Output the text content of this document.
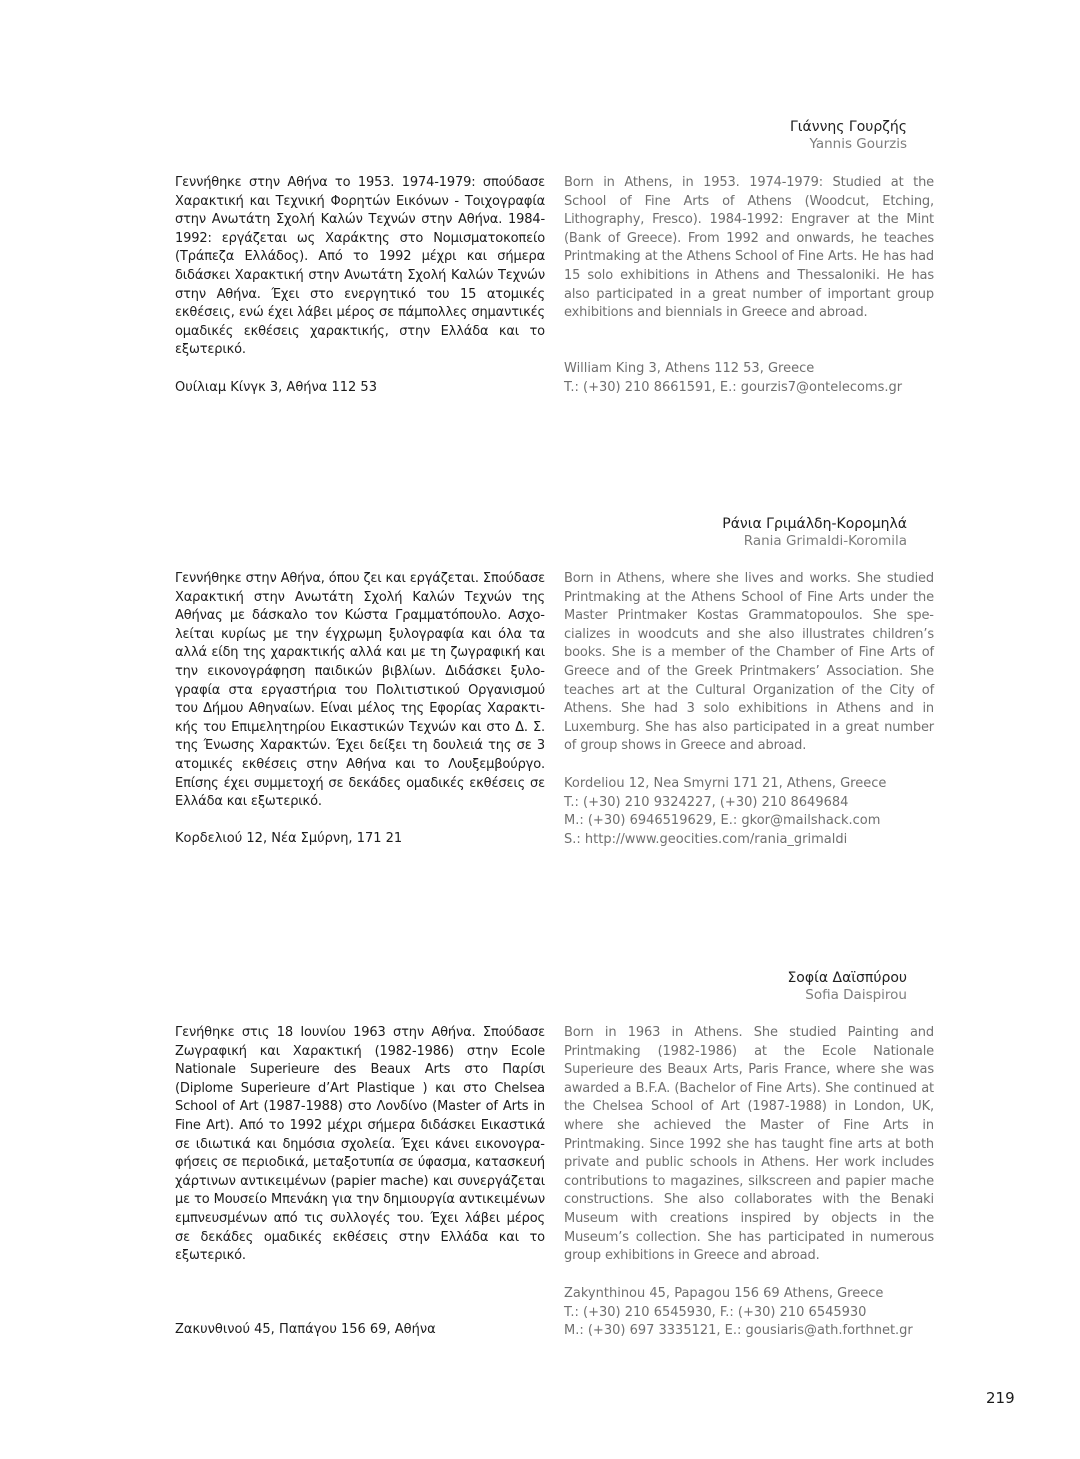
Γιάννης Γουρζής
Yannis Gourzis

Γεννήθηκε στην Αθήνα το 1953. 1974-1979: σπούδασε Χαρακτική και Τεχνική Φορητών Εικόνων - Τοιχογραφία στην Ανωτάτη Σχολή Καλών Τεχνών στην Αθήνα. 1984-1992: εργάζεται ως Χαράκτης στο Νομισματοκοπείο (Τράπεζα Ελλάδος). Από το 1992 μέχρι και σήμερα διδάσκει Χαρακτική στην Ανωτάτη Σχολή Καλών Τεχνών στην Αθήνα. Έχει στο ενεργητικό του 15 ατομικές εκθέσεις, ενώ έχει λάβει μέρος σε πάμπολλες σημαντικές ομαδικές εκθέσεις χαρακτικής, στην Ελλάδα και το εξωτερικό.

Ουίλιαμ Κίνγκ 3, Αθήνα 112 53

Born in Athens, in 1953. 1974-1979: Studied at the School of Fine Arts of Athens (Woodcut, Etching, Lithography, Fresco). 1984-1992: Engraver at the Mint (Bank of Greece). From 1992 and onwards, he teaches Printmaking at the Athens School of Fine Arts. He has had 15 solo exhibitions in Athens and Thessaloniki. He has also participated in a great number of important group exhibitions and biennials in Greece and abroad.

William King 3, Athens 112 53, Greece
T.: (+30) 210 8661591, E.: gourzis7@ontelecoms.gr
Ράνια Γριμάλδη-Κορομηλά
Rania Grimaldi-Koromila

Γεννήθηκε στην Αθήνα, όπου ζει και εργάζεται. Σπούδασε Χαρακτική στην Ανωτάτη Σχολή Καλών Τεχνών της Αθήνας με δάσκαλο τον Κώστα Γραμματόπουλο. Ασχολείται κυρίως με την έγχρωμη ξυλογραφία και όλα τα αλλά είδη της χαρακτικής αλλά και με τη ζωγραφική και την εικονογράφηση παιδικών βιβλίων. Διδάσκει ξυλογραφία στα εργαστήρια του Πολιτιστικού Οργανισμού του Δήμου Αθηναίων. Είναι μέλος της Εφορίας Χαρακτικής του Επιμελητηρίου Εικαστικών Τεχνών και στο Δ. Σ. της Ένωσης Χαρακτών. Έχει δείξει τη δουλειά της σε 3 ατομικές εκθέσεις στην Αθήνα και το Λουξεμβούργο. Επίσης έχει συμμετοχή σε δεκάδες ομαδικές εκθέσεις σε Ελλάδα και εξωτερικό.

Κορδελιού 12, Νέα Σμύρνη, 171 21

Born in Athens, where she lives and works. She studied Printmaking at the Athens School of Fine Arts under the Master Printmaker Kostas Grammatopoulos. She specializes in woodcuts and she also illustrates children’s books. She is a member of the Chamber of Fine Arts of Greece and of the Greek Printmakers’ Association. She teaches art at the Cultural Organization of the City of Athens. She had 3 solo exhibitions in Athens and in Luxemburg. She has also participated in a great number of group shows in Greece and abroad.

Kordeliou 12, Nea Smyrni 171 21, Athens, Greece
T.: (+30) 210 9324227, (+30) 210 8649684
M.: (+30) 6946519629, E.: gkor@mailshack.com
S.: http://www.geocities.com/rania_grimaldi
Σοφία Δαϊσπύρου
Sofia Daispirou

Γενήθηκε στις 18 Ιουνίου 1963 στην Αθήνα. Σπούδασε Ζωγραφική και Χαρακτική (1982-1986) στην Ecole Nationale Superieure des Beaux Arts στο Παρίσι (Diplome Superieure d’Art Plastique ) και στο Chelsea School of Art (1987-1988) στο Λονδίνο (Master of Arts in Fine Art). Από το 1992 μέχρι σήμερα διδάσκει Εικαστικά σε ιδιωτικά και δημόσια σχολεία. Έχει κάνει εικονογραφήσεις σε περιοδικά, μεταξοτυπία σε ύφασμα, κατασκευή χάρτινων αντικειμένων (papier mache) και συνεργάζεται με το Μουσείο Μπενάκη για την δημιουργία αντικειμένων εμπνευσμένων από τις συλλογές του. Έχει λάβει μέρος σε δεκάδες ομαδικές εκθέσεις στην Ελλάδα και το εξωτερικό.

Ζακυνθινού 45, Παπάγου 156 69, Αθήνα

Born in 1963 in Athens. She studied Painting and Printmaking (1982-1986) at the Ecole Nationale Superieure des Beaux Arts, Paris France, where she was awarded a B.F.A. (Bachelor of Fine Arts). She continued at the Chelsea School of Art (1987-1988) in London, UK, where she achieved the Master of Fine Arts in Printmaking. Since 1992 she has taught fine arts at both private and public schools in Athens. Her work includes contributions to magazines, silkscreen and papier mache constructions. She also collaborates with the Benaki Museum with creations inspired by objects in the Museum’s collection. She has participated in numerous group exhibitions in Greece and abroad.

Zakynthinou 45, Papagou 156 69 Athens, Greece
T.: (+30) 210 6545930, F.: (+30) 210 6545930
M.: (+30) 697 3335121, E.: gousiaris@ath.forthnet.gr
219
